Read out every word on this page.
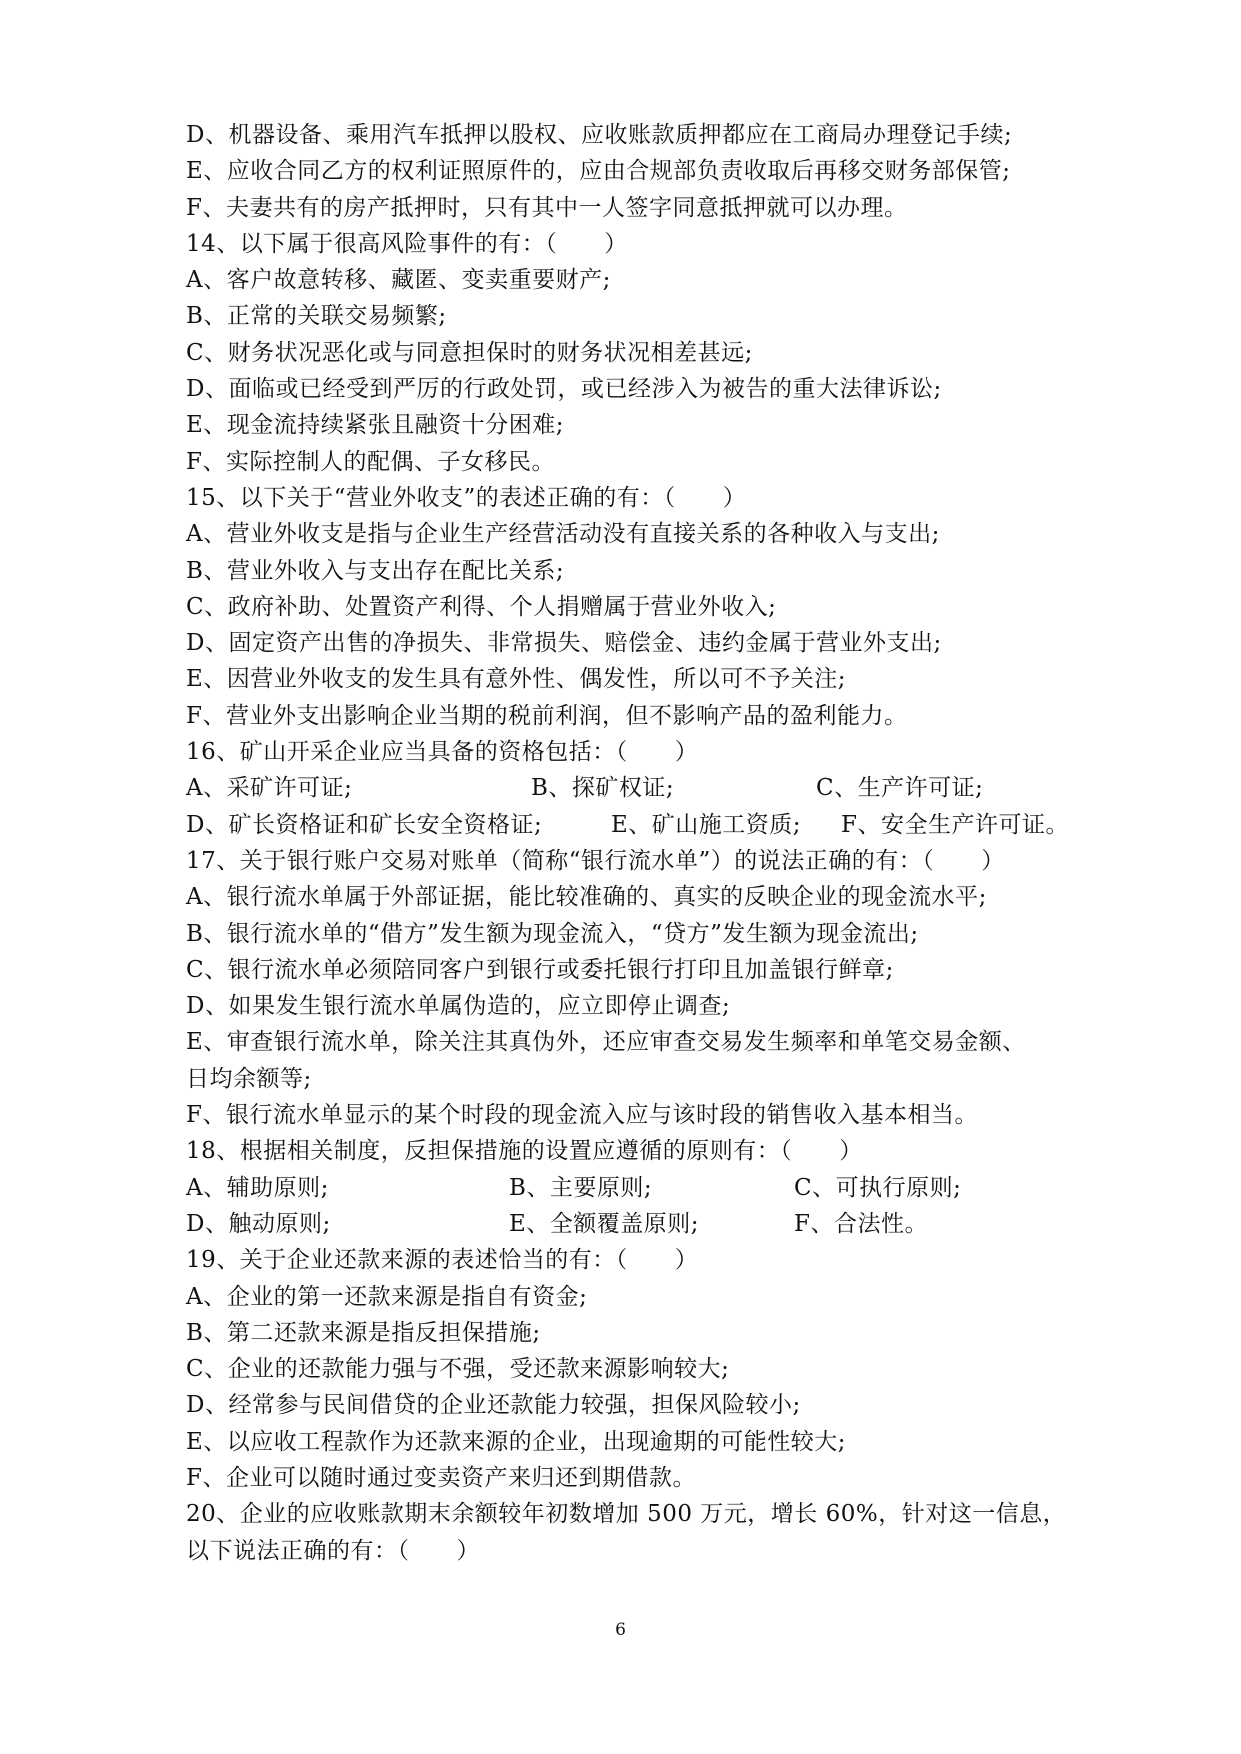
D、机器设备、乘用汽车抵押以股权、应收账款质押都应在工商局办理登记手续;
E、应收合同乙方的权利证照原件的，应由合规部负责收取后再移交财务部保管;
F、夫妻共有的房产抵押时，只有其中一人签字同意抵押就可以办理。
14、以下属于很高风险事件的有：（　　）
A、客户故意转移、藏匿、变卖重要财产;
B、正常的关联交易频繁;
C、财务状况恶化或与同意担保时的财务状况相差甚远;
D、面临或已经受到严厉的行政处罚，或已经涉入为被告的重大法律诉讼;
E、现金流持续紧张且融资十分困难;
F、实际控制人的配偶、子女移民。
15、以下关于“营业外收支”的表述正确的有：（　　）
A、营业外收支是指与企业生产经营活动没有直接关系的各种收入与支出;
B、营业外收入与支出存在配比关系;
C、政府补助、处置资产利得、个人捐赠属于营业外收入;
D、固定资产出售的净损失、非常损失、赔偿金、违约金属于营业外支出;
E、因营业外收支的发生具有意外性、偶发性，所以可不予关注;
F、营业外支出影响企业当期的税前利润，但不影响产品的盈利能力。
16、矿山开采企业应当具备的资格包括：（　　）
A、采矿许可证;	B、探矿权证;	C、生产许可证;
D、矿长资格证和矿长安全资格证;	E、矿山施工资质;	F、安全生产许可证。
17、关于银行账户交易对账单（简称“银行流水单”）的说法正确的有：（　　）
A、银行流水单属于外部证据，能比较准确的、真实的反映企业的现金流水平;
B、银行流水单的“借方”发生额为现金流入，“贷方”发生额为现金流出;
C、银行流水单必须陪同客户到银行或委托银行打印且加盖银行鲜章;
D、如果发生银行流水单属伪造的，应立即停止调查;
E、审查银行流水单，除关注其真伪外，还应审查交易发生频率和单笔交易金额、
日均余额等;
F、银行流水单显示的某个时段的现金流入应与该时段的销售收入基本相当。
18、根据相关制度，反担保措施的设置应遵循的原则有：（　　）
A、辅助原则;	B、主要原则;	C、可执行原则;
D、触动原则;	E、全额覆盖原则;	F、合法性。
19、关于企业还款来源的表述恰当的有：（　　）
A、企业的第一还款来源是指自有资金;
B、第二还款来源是指反担保措施;
C、企业的还款能力强与不强，受还款来源影响较大;
D、经常参与民间借贷的企业还款能力较强，担保风险较小;
E、以应收工程款作为还款来源的企业，出现逾期的可能性较大;
F、企业可以随时通过变卖资产来归还到期借款。
20、企业的应收账款期末余额较年初数增加 500 万元，增长 60%，针对这一信息，
以下说法正确的有：（　　）
6
